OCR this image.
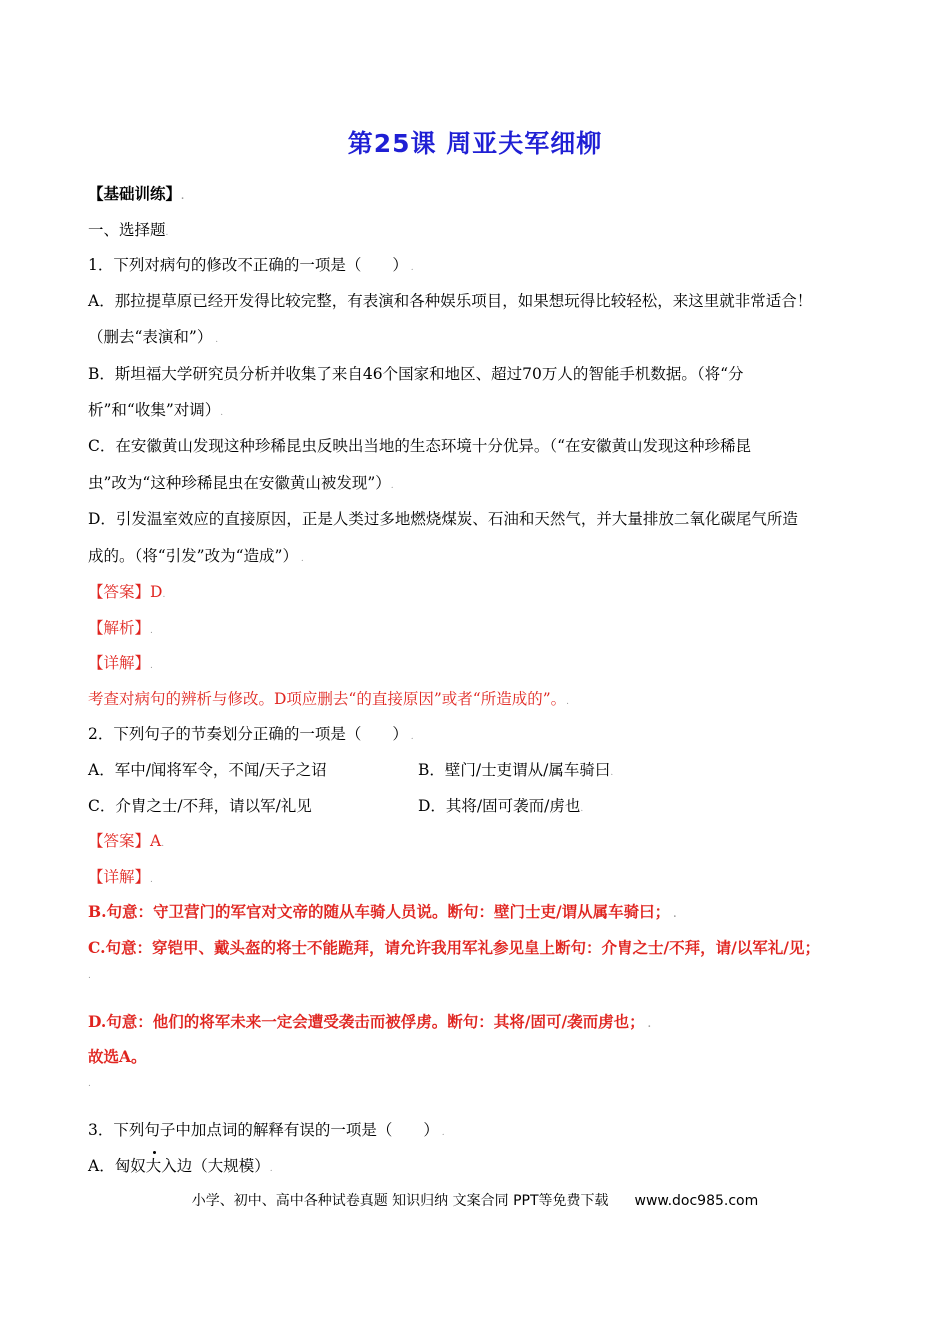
第25课 周亚夫军细柳
【基础训练】.
一、选择题.
1．下列对病句的修改不正确的一项是（　　） .
A．那拉提草原已经开发得比较完整，有表演和各种娱乐项目，如果想玩得比较轻松，来这里就非常适合！
（删去“表演和”） .
B．斯坦福大学研究员分析并收集了来自46个国家和地区、超过70万人的智能手机数据。（将“分
析”和“收集”对调）.
C．在安徽黄山发现这种珍稀昆虫反映出当地的生态环境十分优异。（“在安徽黄山发现这种珍稀昆
虫”改为“这种珍稀昆虫在安徽黄山被发现”）.
D．引发温室效应的直接原因，正是人类过多地燃烧煤炭、石油和天然气，并大量排放二氧化碳尾气所造
成的。（将“引发”改为“造成”） .
【答案】D.
【解析】.
【详解】.
考查对病句的辨析与修改。D项应删去“的直接原因”或者“所造成的”。.
2．下列句子的节奏划分正确的一项是（　　） .
A．军中/闻将军令，不闻/天子之诏	B．壁门/士吏谓从/属车骑曰.
C．介胄之士/不拜，请以军/礼见	D．其将/固可袭而/虏也.
【答案】A.
【详解】.
B.句意：守卫营门的军官对文帝的随从车骑人员说。断句：壁门士吏/谓从属车骑曰； .
C.句意：穿铠甲、戴头盔的将士不能跪拜，请允许我用军礼参见皇上断句：介胄之士/不拜，请/以军礼/见；
.
D.句意：他们的将军未来一定会遭受袭击而被俘虏。断句：其将/固可/袭而虏也； .
故选A。
.
3．下列句子中加点词的解释有误的一项是（　　） .
A．匈奴大入边（大规模）.
小学、初中、高中各种试卷真题 知识归纳 文案合同 PPT等免费下载 www.doc985.com
